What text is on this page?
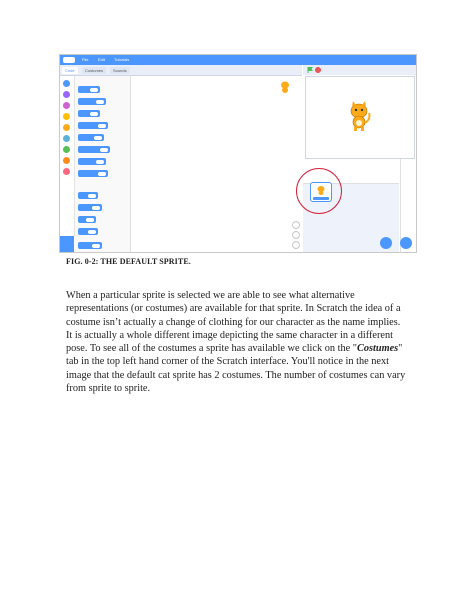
File Edit Tutorials
Code	Costumes	Sounds
FIG. 0-2: THE DEFAULT SPRITE.

When a particular sprite is selected we are able to see what alternative representations (or costumes) are available for that sprite. In Scratch the idea of a costume isn’t actually a change of clothing for our character as the name implies. It is actually a whole different image depicting the same character in a different pose. To see all of the costumes a sprite has available we click on the "Costumes" tab in the top left hand corner of the Scratch interface. You'll notice in the next image that the default cat sprite has 2 costumes. The number of costumes can vary from sprite to sprite.
